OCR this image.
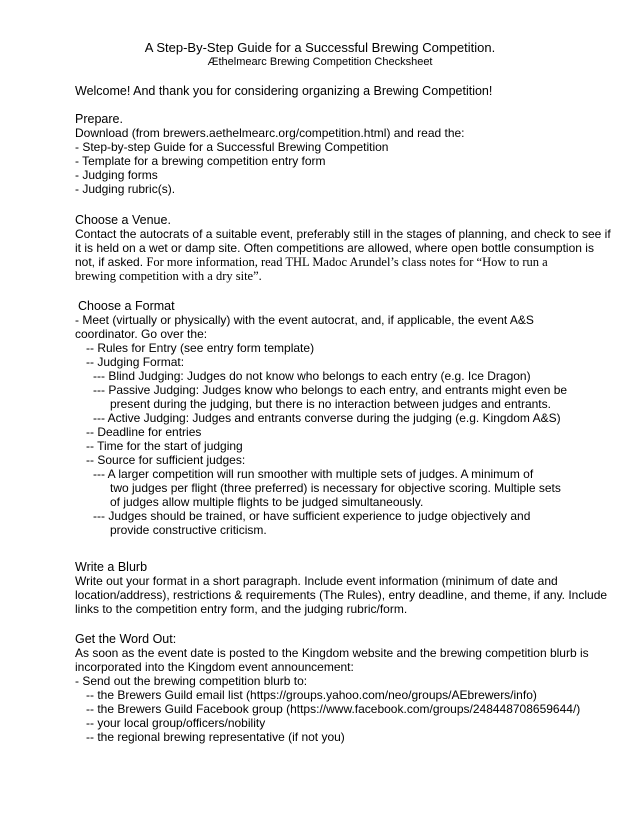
A Step-By-Step Guide for a Successful Brewing Competition.
Æthelmearc Brewing Competition Checksheet
Welcome! And thank you for considering organizing a Brewing Competition!
Prepare.
Download (from brewers.aethelmearc.org/competition.html) and read the:
- Step-by-step Guide for a Successful Brewing Competition
- Template for a brewing competition entry form
- Judging forms
- Judging rubric(s).
Choose a Venue.
Contact the autocrats of a suitable event, preferably still in the stages of planning, and check to see if
it is held on a wet or damp site. Often competitions are allowed, where open bottle consumption is
not, if asked. For more information, read THL Madoc Arundel’s class notes for “How to run a
brewing competition with a dry site”.
Choose a Format
- Meet (virtually or physically) with the event autocrat, and, if applicable, the event A&S
coordinator. Go over the:
-- Rules for Entry (see entry form template)
-- Judging Format:
--- Blind Judging: Judges do not know who belongs to each entry (e.g. Ice Dragon)
--- Passive Judging: Judges know who belongs to each entry, and entrants might even be
present during the judging, but there is no interaction between judges and entrants.
--- Active Judging: Judges and entrants converse during the judging (e.g. Kingdom A&S)
-- Deadline for entries
-- Time for the start of judging
-- Source for sufficient judges:
--- A larger competition will run smoother with multiple sets of judges. A minimum of
two judges per flight (three preferred) is necessary for objective scoring. Multiple sets
of judges allow multiple flights to be judged simultaneously.
--- Judges should be trained, or have sufficient experience to judge objectively and
provide constructive criticism.
Write a Blurb
Write out your format in a short paragraph. Include event information (minimum of date and
location/address), restrictions & requirements (The Rules), entry deadline, and theme, if any. Include
links to the competition entry form, and the judging rubric/form.
Get the Word Out:
As soon as the event date is posted to the Kingdom website and the brewing competition blurb is
incorporated into the Kingdom event announcement:
- Send out the brewing competition blurb to:
-- the Brewers Guild email list (https://groups.yahoo.com/neo/groups/AEbrewers/info)
-- the Brewers Guild Facebook group (https://www.facebook.com/groups/248448708659644/)
-- your local group/officers/nobility
-- the regional brewing representative (if not you)
